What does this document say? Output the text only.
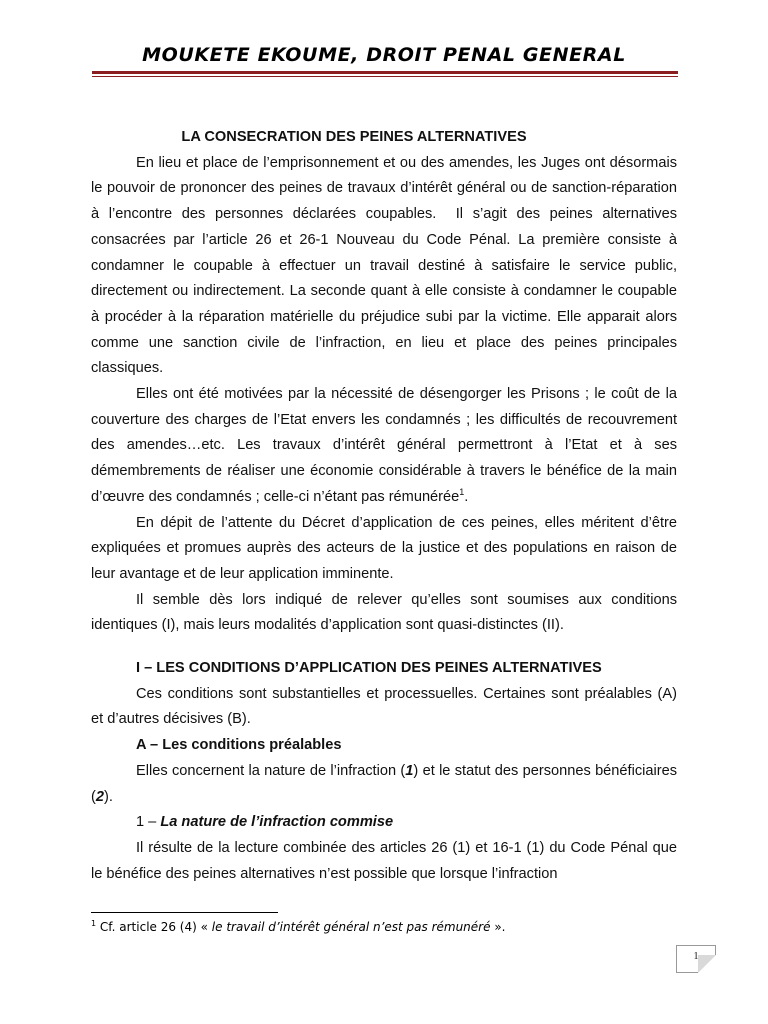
MOUKETE EKOUME, DROIT PENAL GENERAL

LA CONSECRATION DES PEINES ALTERNATIVES

En lieu et place de l’emprisonnement et ou des amendes, les Juges ont désormais le pouvoir de prononcer des peines de travaux d’intérêt général ou de sanction-réparation à l’encontre des personnes déclarées coupables.  Il s’agit des peines alternatives consacrées par l’article 26 et 26-1 Nouveau du Code Pénal. La première consiste à condamner le coupable à effectuer un travail destiné à satisfaire le service public, directement ou indirectement. La seconde quant à elle consiste à condamner le coupable à procéder à la réparation matérielle du préjudice subi par la victime. Elle apparait alors comme une sanction civile de l’infraction, en lieu et place des peines principales classiques.

Elles ont été motivées par la nécessité de désengorger les Prisons ; le coût de la couverture des charges de l’Etat envers les condamnés ; les difficultés de recouvrement des amendes…etc. Les travaux d’intérêt général permettront à l’Etat et à ses démembrements de réaliser une économie considérable à travers le bénéfice de la main d’œuvre des condamnés ; celle-ci n’étant pas rémunérée$^1$.

En dépit de l’attente du Décret d’application de ces peines, elles méritent d’être expliquées et promues auprès des acteurs de la justice et des populations en raison de leur avantage et de leur application imminente.

Il semble dès lors indiqué de relever qu’elles sont soumises aux conditions identiques (I), mais leurs modalités d’application sont quasi-distinctes (II).

I – LES CONDITIONS D’APPLICATION DES PEINES ALTERNATIVES

Ces conditions sont substantielles et processuelles. Certaines sont préalables (A) et d’autres décisives (B).

A – Les conditions préalables

Elles concernent la nature de l’infraction (1) et le statut des personnes bénéficiaires (2).

1 – La nature de l’infraction commise

Il résulte de la lecture combinée des articles 26 (1) et 16-1 (1) du Code Pénal que le bénéfice des peines alternatives n’est possible que lorsque l’infraction

$^1$ Cf. article 26 (4) « le travail d’intérêt général n’est pas rémunéré ».
1
